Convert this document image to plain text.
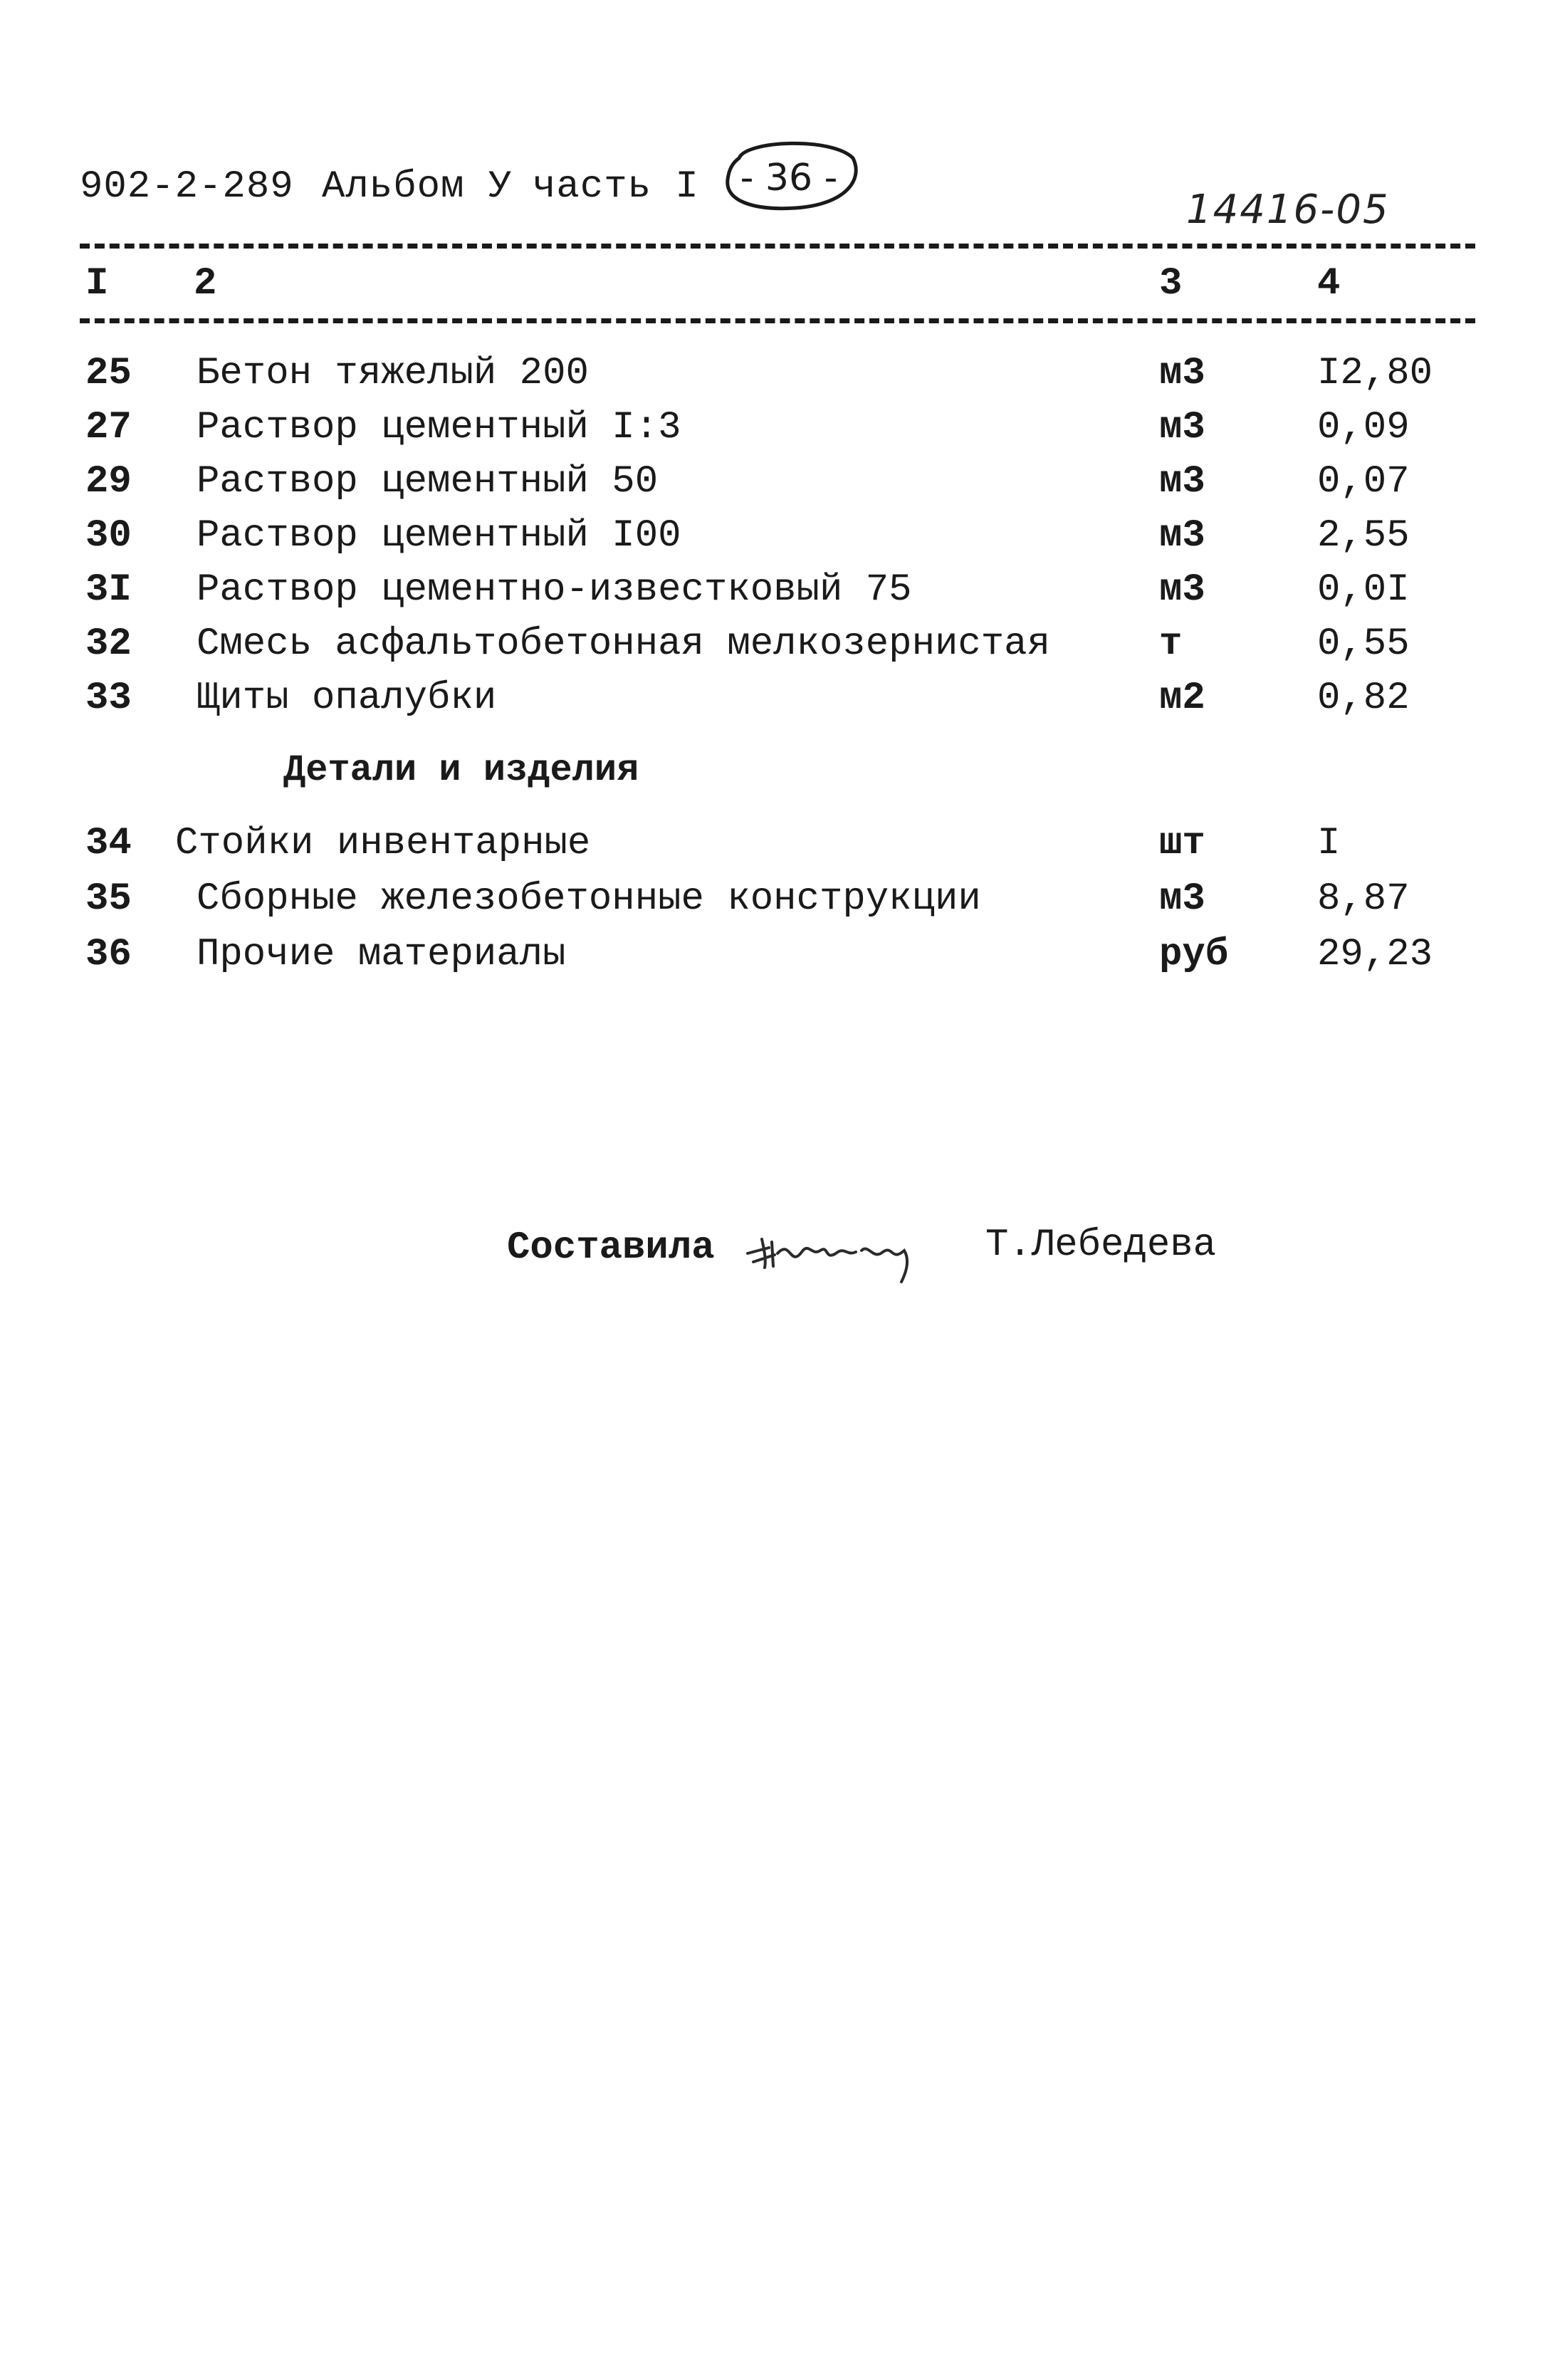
902-2-289 Альбом У часть I	- 36 -
14416-05
I 2	3	4
25 Бетон тяжелый 200	м3	I2,80
27 Раствор цементный I:3	м3	0,09
29 Раствор цементный 50	м3	0,07
30 Раствор цементный I00	м3	2,55
3I Раствор цементно-известковый 75	м3	0,0I
32 Смесь асфальтобетонная мелкозернистая	т	0,55
33 Щиты опалубки	м2	0,82
Детали и изделия
34 Стойки инвентарные	шт	I
35 Сборные железобетонные конструкции	м3	8,87
36 Прочие материалы	руб 29,23
Составила	Т.Лебедева
